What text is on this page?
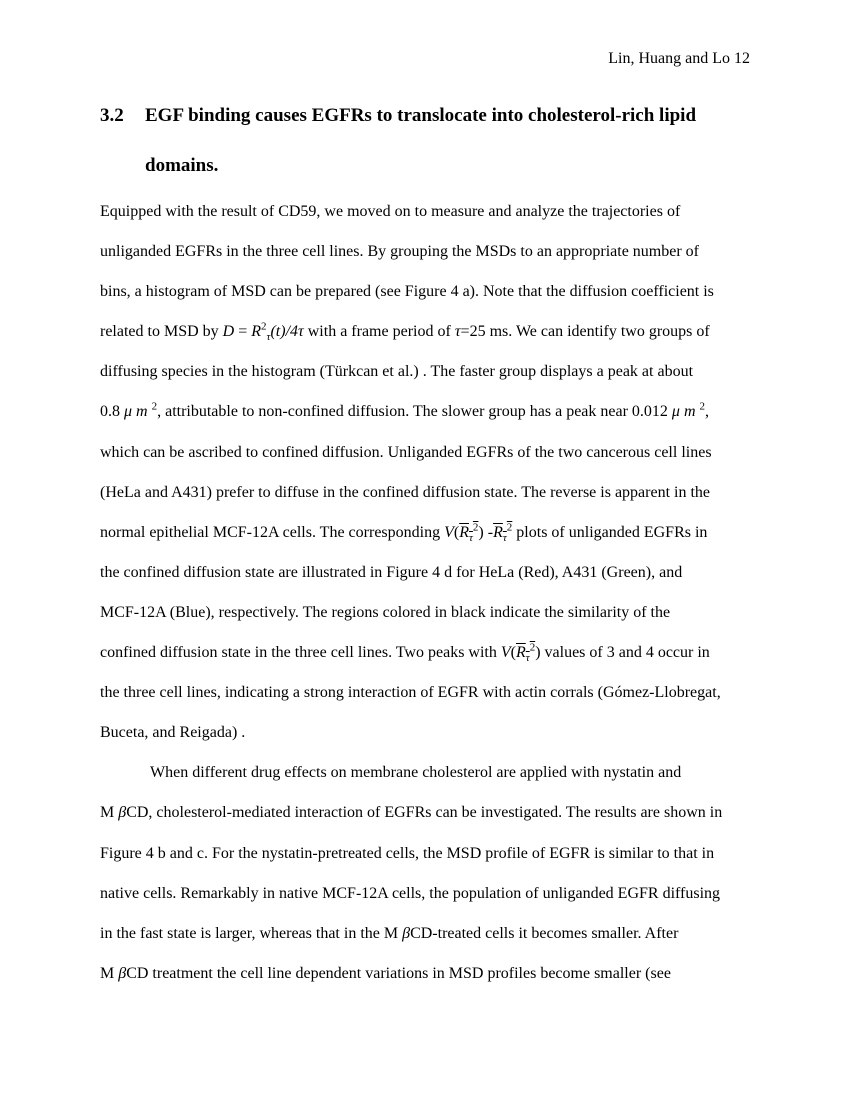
Lin, Huang and Lo 12
3.2 EGF binding causes EGFRs to translocate into cholesterol-rich lipid
domains.
Equipped with the result of CD59, we moved on to measure and analyze the trajectories of
unliganded EGFRs in the three cell lines. By grouping the MSDs to an appropriate number of
bins, a histogram of MSD can be prepared (see Figure 4 a). Note that the diffusion coefficient is
related to MSD by $D = R^2_\tau(t)/4\tau$ with a frame period of τ=25 ms. We can identify two groups of
diffusing species in the histogram (Türkcan et al.) . The faster group displays a peak at about
0.8 μ m $^2$, attributable to non-confined diffusion. The slower group has a peak near 0.012 μ m $^2$,
which can be ascribed to confined diffusion. Unliganded EGFRs of the two cancerous cell lines
(HeLa and A431) prefer to diffuse in the confined diffusion state. The reverse is apparent in the
normal epithelial MCF-12A cells. The corresponding $V(R_\tau^2)$ $-R_\tau^2$ plots of unliganded EGFRs in
the confined diffusion state are illustrated in Figure 4 d for HeLa (Red), A431 (Green), and
MCF-12A (Blue), respectively. The regions colored in black indicate the similarity of the
confined diffusion state in the three cell lines. Two peaks with $V(R_\tau^2)$ values of 3 and 4 occur in
the three cell lines, indicating a strong interaction of EGFR with actin corrals (Gómez-Llobregat,
Buceta, and Reigada) .
When different drug effects on membrane cholesterol are applied with nystatin and
M βCD, cholesterol-mediated interaction of EGFRs can be investigated. The results are shown in
Figure 4 b and c. For the nystatin-pretreated cells, the MSD profile of EGFR is similar to that in
native cells. Remarkably in native MCF-12A cells, the population of unliganded EGFR diffusing
in the fast state is larger, whereas that in the M βCD-treated cells it becomes smaller. After
M βCD treatment the cell line dependent variations in MSD profiles become smaller (see
